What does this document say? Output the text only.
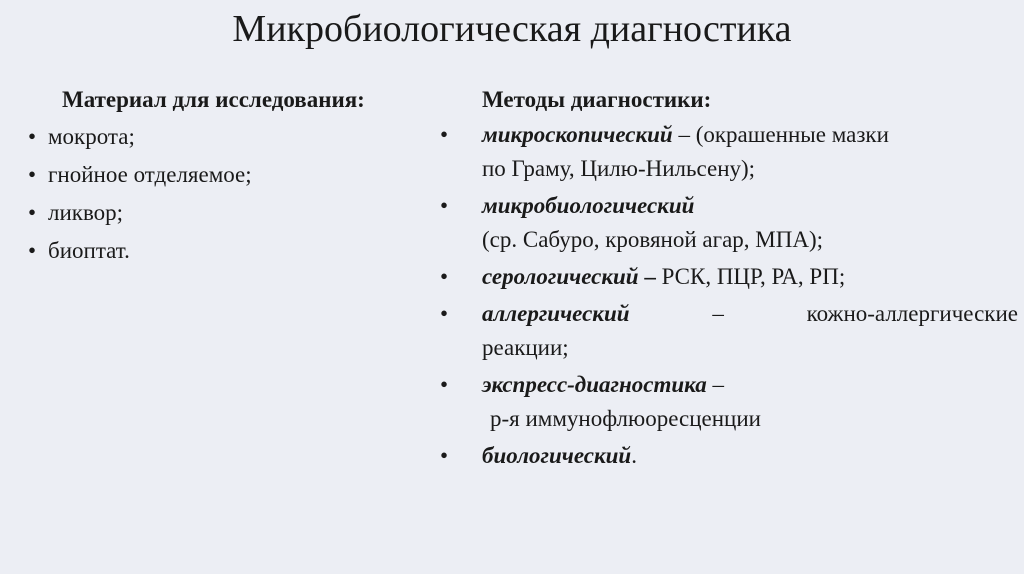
Микробиологическая диагностика
Материал для исследования:
• мокрота;
• гнойное отделяемое;
• ликвор;
• биоптат.
Методы диагностики:
• микроскопический – (окрашенные мазки
по Граму, Цилю-Нильсену);
• микробиологический
(ср. Сабуро, кровяной агар, МПА);
• серологический – РСК, ПЦР, РА, РП;
• аллергический	–	кожно-аллергические
реакции;
• экспресс-диагностика –

р-я иммунофлюоресценции
• биологический.
